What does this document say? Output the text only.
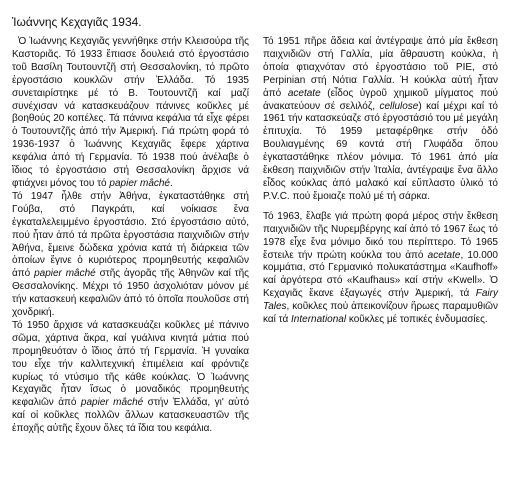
Ἰωάννης Κεχαγιᾶς 1934.

Ὁ Ἰωάννης Κεχαγιᾶς γεννήθηκε στήν Κλεισούρα τῆς Καστοριᾶς. Τό 1933 ἔπιασε δουλειά στό ἐργοστάσιο τοῦ Βασίλη Τουτουντζῆ στή Θεσσαλονίκη, τό πρῶτο ἐργοστάσιο κουκλῶν στήν Ἑλλάδα. Τό 1935 συνεταιρίστηκε μέ τό Β. Τουτουντζῆ καί μαζί συνέχισαν νά κατασκευάζουν πάνινες κοῦκλες μέ βοηθούς 20 κοπέλες. Τά πάνινα κεφάλια τά εἶχε φέρει ὁ Τουτουντζῆς ἀπό τήν Ἀμερική. Γιά πρώτη φορά τό 1936-1937 ὁ Ἰωάννης Κεχαγιᾶς ἔφερε χάρτινα κεφάλια ἀπό τή Γερμανία. Τό 1938 πού ἀνέλαβε ὁ ἴδιος τό ἐργοστάσιο στή Θεσσαλονίκη ἄρχισε νά φτιάχνει μόνος του τό papier mâché.

Τό 1947 ἦλθε στήν Ἀθήνα, ἐγκαταστάθηκε στή Γούβα, στό Παγκράτι, καί νοίκιασε ἕνα ἐγκαταλελειμμένο ἐργοστάσιο. Στό ἐργοστάσιο αὐτό, πού ἦταν ἀπό τά πρῶτα ἐργοστάσια παιχνιδιῶν στήν Ἀθήνα, ἔμεινε δώδεκα χρόνια κατά τή διάρκεια τῶν ὁποίων ἔγινε ὁ κυριότερος προμηθευτής κεφαλιῶν ἀπό papier mâché στῆς ἀγορᾶς τῆς Ἀθηνῶν καί τῆς Θεσσαλονίκης. Μέχρι τό 1950 ἀσχολιόταν μόνον μέ τήν κατασκευή κεφαλιῶν ἀπό τό ὁποῖα πουλοῦσε στή χονδρική.

Τό 1950 ἄρχισε νά κατασκευάζει κοῦκλες μέ πάνινο σῶμα, χάρτινα ἄκρα, καί γυάλινα κινητά μάτια πού προμηθευόταν ὁ ἴδιος ἀπό τή Γερμανία. Ἡ γυναίκα του εἶχε τήν καλλιτεχνική ἐπιμέλεια καί φρόντιζε κυρίως τό ντύσιμο τῆς κάθε κούκλας. Ὁ Ἰωάννης Κεχαγιᾶς ἦταν ἴσως ὁ μοναδικός προμηθευτής κεφαλιῶν ἀπό papier mâché στήν Ἑλλάδα, γι' αὐτό καί οἱ κοῦκλες πολλῶν ἄλλων κατασκευαστῶν τῆς ἐποχῆς αὐτῆς ἔχουν ὅλες τά ἴδια του κεφάλια.

Τό 1951 πῆρε ἄδεια καί ἀντέγραψε ἀπό μία ἔκθεση παιχνιδιῶν στή Γαλλία, μία ἄθραυστη κούκλα, ἡ ὁποία φτιαχνόταν στό ἐργοστάσιο τοῦ ΡΙΕ, στό Perpinian στή Νότια Γαλλία. Ἡ κούκλα αὐτή ἦταν ἀπό acetate (εἶδος ὑγροῦ χημικοῦ μίγματος πού ἀνακατεύουν σέ σελιλόζ, cellulose) καί μέχρι καί τό 1961 τήν κατασκεύαζε στό ἐργοστάσιό του μέ μεγάλη ἐπιτυχία. Τό 1959 μεταφέρθηκε στήν ὁδό Βουλιαγμένης 69 κοντά στή Γλυφάδα ὅπου ἐγκαταστάθηκε πλέον μόνιμα. Τό 1961 ἀπό μία ἔκθεση παιχνιδιῶν στήν Ἰταλία, ἀντέγραψε ἕνα ἄλλο εἶδος κούκλας ἀπό μαλακό καί εὔπλαστο ὑλικό τό P.V.C. πού ἔμοιαζε πολύ μέ τή σάρκα.

Τό 1963, ἔλαβε γιά πρώτη φορά μέρος στήν ἔκθεση παιχνιδιῶν τῆς Νυρεμβέργης καί ἀπό τό 1967 ἕως τό 1978 εἶχε ἕνα μόνιμο δικό του περίπτερο. Τό 1965 ἔστειλε τήν πρώτη κούκλα του ἀπό acetate, 10.000 κομμάτια, στό Γερμανικό πολυκατάστημα «Kaufhoff» καί ἀργότερα στό «Kaufhaus» καί στήν «Kwell». Ὁ Κεχαγιᾶς ἔκανε ἐξαγωγές στήν Ἀμερική, τά Fairy Tales, κοῦκλες πού ἀπεικονίζουν ἥρωες παραμυθιῶν καί τά International κοῦκλες μέ τοπικές ἐνδυμασίες.
